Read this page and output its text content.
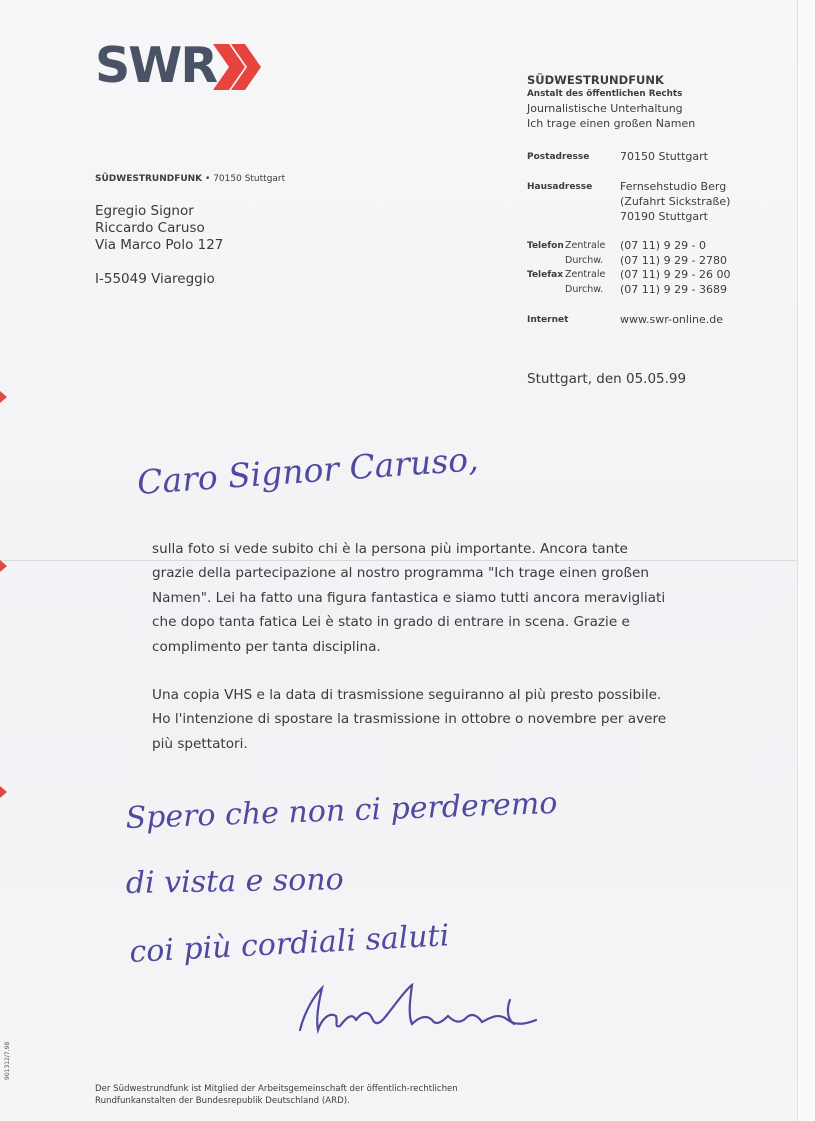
SWR
SÜDWESTRUNDFUNK • 70150 Stuttgart
Egregio Signor
Riccardo Caruso
Via Marco Polo 127
I-55049 Viareggio
SÜDWESTRUNDFUNK
Anstalt des öffentlichen Rechts
Journalistische Unterhaltung
Ich trage einen großen Namen
Postadresse	70150 Stuttgart
Hausadresse	Fernsehstudio Berg
(Zufahrt Sickstraße)
70190 Stuttgart
Telefon Zentrale (07 11) 9 29 - 0
Durchw. (07 11) 9 29 - 2780
Telefax Zentrale (07 11) 9 29 - 26 00
Durchw. (07 11) 9 29 - 3689
Internet	www.swr-online.de
Stuttgart, den 05.05.99
Caro Signor Caruso,
Spero che non ci perderemo
di vista e sono
coi più cordiali saluti

sulla foto si vede subito chi è la persona più importante. Ancora tante grazie della partecipazione al nostro programma "Ich trage einen großen Namen". Lei ha fatto una figura fantastica e siamo tutti ancora meravigliati che dopo tanta fatica Lei è stato in grado di entrare in scena. Grazie e complimento per tanta disciplina.

Una copia VHS e la data di trasmissione seguiranno al più presto possibile. Ho l'intenzione di spostare la trasmissione in ottobre o novembre per avere più spettatori.

Der Südwestrundfunk ist Mitglied der Arbeitsgemeinschaft der öffentlich-rechtlichen
Rundfunkanstalten der Bundesrepublik Deutschland (ARD).
901312/7.98
